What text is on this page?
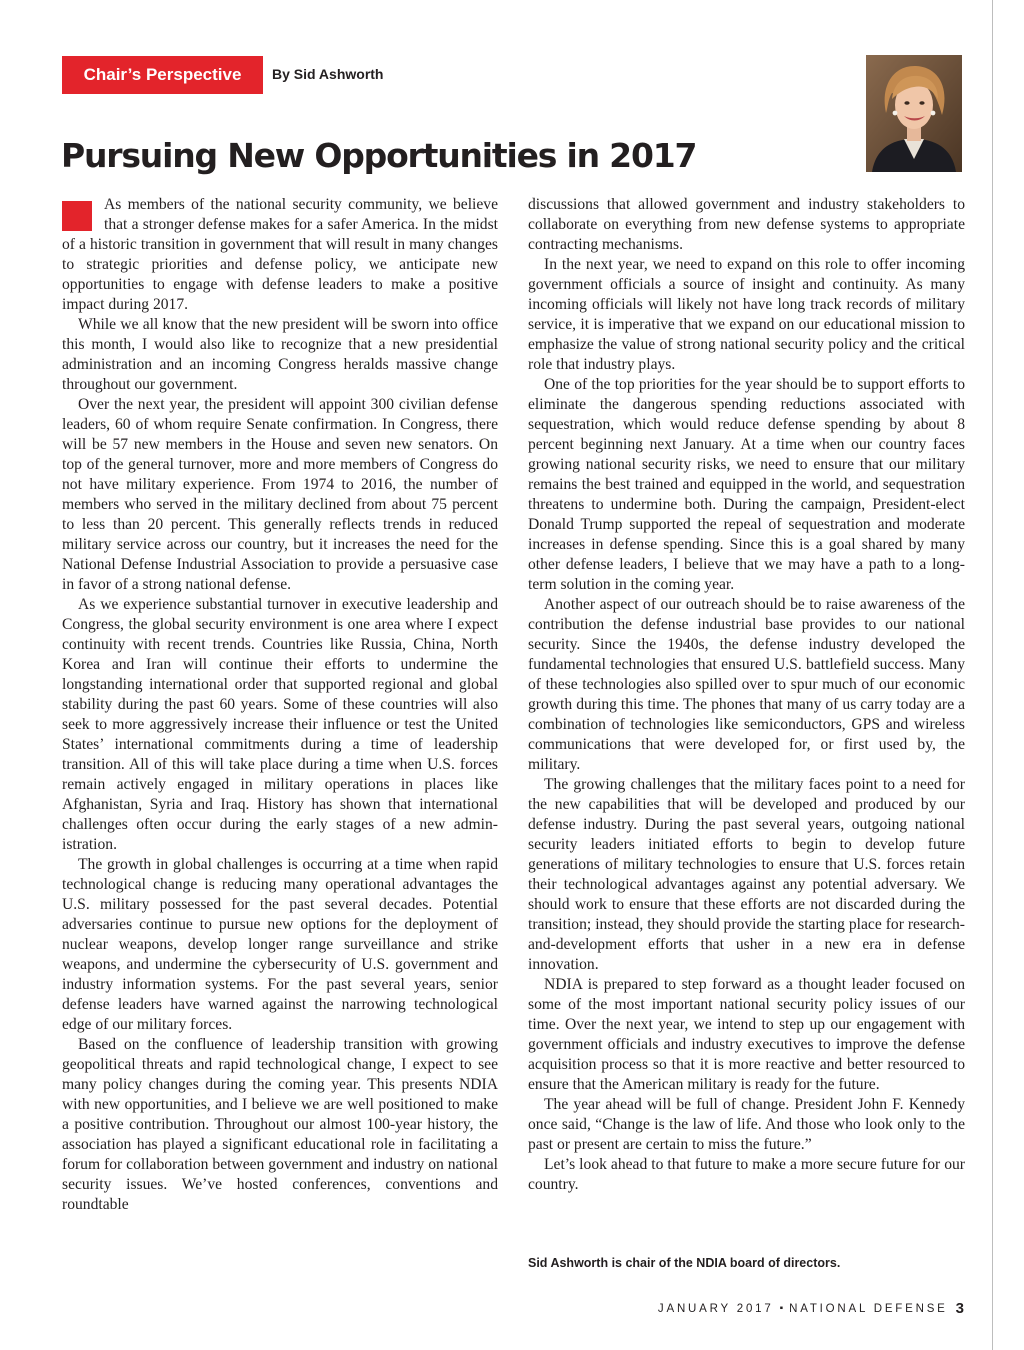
Chair’s Perspective	By Sid Ashworth
Pursuing New Opportunities in 2017

As members of the national security community, we believe that a stronger defense makes for a safer America. In the midst of a historic transition in government that will result in many changes to strategic priorities and defense policy, we anticipate new opportunities to engage with defense leaders to make a positive impact during 2017.

While we all know that the new president will be sworn into office this month, I would also like to recognize that a new presidential administration and an incoming Congress heralds massive change throughout our government.

Over the next year, the president will appoint 300 civilian defense leaders, 60 of whom require Senate confirmation. In Congress, there will be 57 new members in the House and seven new senators. On top of the general turnover, more and more members of Congress do not have military experience. From 1974 to 2016, the number of members who served in the military declined from about 75 percent to less than 20 percent. This generally reflects trends in reduced military service across our country, but it increases the need for the National Defense Industrial Association to provide a persuasive case in favor of a strong national defense.

As we experience substantial turnover in executive leadership and Congress, the global security environment is one area where I expect continuity with recent trends. Countries like Russia, China, North Korea and Iran will continue their efforts to undermine the longstanding international order that supported regional and global stability during the past 60 years. Some of these countries will also seek to more aggressively increase their influence or test the United States’ international commitments during a time of leadership transition. All of this will take place during a time when U.S. forces remain actively engaged in military operations in places like Afghanistan, Syria and Iraq. History has shown that international challenges often occur during the early stages of a new administration.

The growth in global challenges is occurring at a time when rapid technological change is reducing many operational advantages the U.S. military possessed for the past several decades. Potential adversaries continue to pursue new options for the deployment of nuclear weapons, develop longer range surveillance and strike weapons, and undermine the cybersecurity of U.S. government and industry information systems. For the past several years, senior defense leaders have warned against the narrowing technological edge of our military forces.

Based on the confluence of leadership transition with growing geopolitical threats and rapid technological change, I expect to see many policy changes during the coming year. This presents NDIA with new opportunities, and I believe we are well positioned to make a positive contribution. Throughout our almost 100-year history, the association has played a significant educational role in facilitating a forum for collaboration between government and industry on national security issues. We’ve hosted conferences, conventions and roundtable

discussions that allowed government and industry stakeholders to collaborate on everything from new defense systems to appropriate contracting mechanisms.

In the next year, we need to expand on this role to offer incoming government officials a source of insight and continuity. As many incoming officials will likely not have long track records of military service, it is imperative that we expand on our educational mission to emphasize the value of strong national security policy and the critical role that industry plays.

One of the top priorities for the year should be to support efforts to eliminate the dangerous spending reductions associated with sequestration, which would reduce defense spending by about 8 percent beginning next January. At a time when our country faces growing national security risks, we need to ensure that our military remains the best trained and equipped in the world, and sequestration threatens to undermine both. During the campaign, President-elect Donald Trump supported the repeal of sequestration and moderate increases in defense spending. Since this is a goal shared by many other defense leaders, I believe that we may have a path to a long-term solution in the coming year.

Another aspect of our outreach should be to raise awareness of the contribution the defense industrial base provides to our national security. Since the 1940s, the defense industry developed the fundamental technologies that ensured U.S. battlefield success. Many of these technologies also spilled over to spur much of our economic growth during this time. The phones that many of us carry today are a combination of technologies like semiconductors, GPS and wireless communications that were developed for, or first used by, the military.

The growing challenges that the military faces point to a need for the new capabilities that will be developed and produced by our defense industry. During the past several years, outgoing national security leaders initiated efforts to begin to develop future generations of military technologies to ensure that U.S. forces retain their technological advantages against any potential adversary. We should work to ensure that these efforts are not discarded during the transition; instead, they should provide the starting place for research-and-development efforts that usher in a new era in defense innovation.

NDIA is prepared to step forward as a thought leader focused on some of the most important national security policy issues of our time. Over the next year, we intend to step up our engagement with government officials and industry executives to improve the defense acquisition process so that it is more reactive and better resourced to ensure that the American military is ready for the future.

The year ahead will be full of change. President John F. Kennedy once said, “Change is the law of life. And those who look only to the past or present are certain to miss the future.”

Let’s look ahead to that future to make a more secure future for our country.

Sid Ashworth is chair of the NDIA board of directors.
JANUARY 2017 ▪ NATIONAL DEFENSE 3
